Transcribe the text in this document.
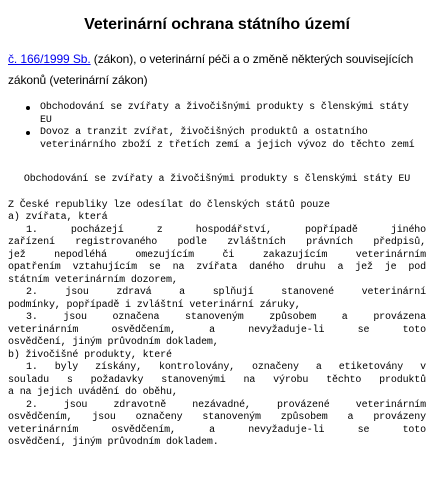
Veterinární ochrana státního území

č. 166/1999 Sb. (zákon), o veterinární péči a o změně některých souvisejících zákonů (veterinární zákon)

Obchodování se zvířaty a živočišnými produkty s členskými státy EU
Dovoz a tranzit zvířat, živočišných produktů a ostatního veterinárního zboží z třetích zemí a jejich vývoz do těchto zemí
Obchodování se zvířaty a živočišnými produkty s členskými státy EU
Z České republiky lze odesílat do členských států pouze
a) zvířata, která
1. pocházejí z hospodářství, popřípadě jiného
zařízení registrovaného podle zvláštních právních předpisů,
jež nepodléhá omezujícím či zakazujícím veterinárním
opatřením vztahujícím se na zvířata daného druhu a jež je pod
státním veterinárním dozorem,
2. jsou zdravá a splňují stanovené veterinární
podmínky, popřípadě i zvláštní veterinární záruky,
3. jsou označena stanoveným způsobem a provázena
veterinárním osvědčením, a nevyžaduje-li se toto
osvědčení, jiným průvodním dokladem,
b) živočišné produkty, které
1. byly získány, kontrolovány, označeny a etiketovány v
souladu s požadavky stanovenými na výrobu těchto produktů
a na jejich uvádění do oběhu,
2. jsou zdravotně nezávadné, provázené veterinárním
osvědčením, jsou označeny stanoveným způsobem a provázeny
veterinárním osvědčením, a nevyžaduje-li se toto
osvědčení, jiným průvodním dokladem.
